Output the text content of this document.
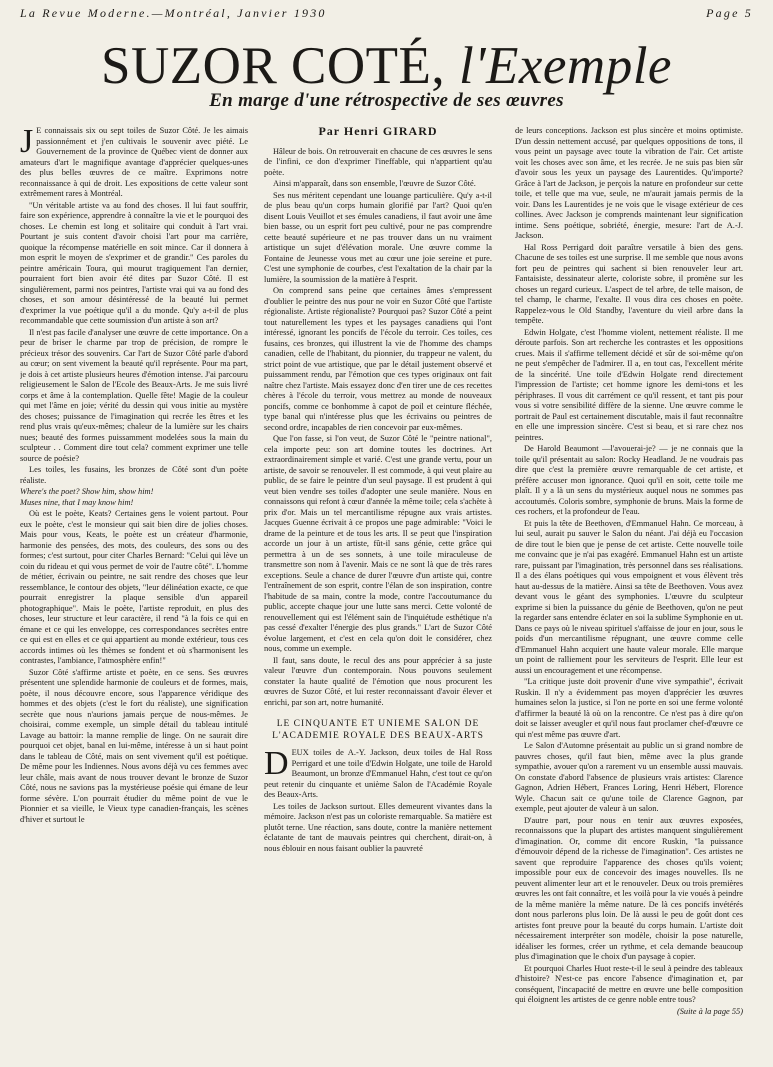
La Revue Moderne.—Montréal, Janvier 1930	Page 5
SUZOR COTÉ, l'Exemple
En marge d'une rétrospective de ses œuvres

J E connaissais six ou sept toiles de Suzor Côté. Je les aimais passionnément et j'en cultivais le souvenir avec piété. Le Gouvernement de la province de Québec vient de donner aux amateurs d'art le magnifique avantage d'apprécier quelques-unes des plus belles œuvres de ce maître. Exprimons notre reconnaissance à qui de droit. Les expositions de cette valeur sont extrêmement rares à Montréal.

"Un véritable artiste va au fond des choses. Il lui faut souffrir, faire son expérience, apprendre à connaître la vie et le pourquoi des choses. Le chemin est long et solitaire qui conduit à l'art vrai. Pourtant je suis content d'avoir choisi l'art pour ma carrière, quoique la récompense matérielle en soit mince. Car il donnera à mon esprit le moyen de s'exprimer et de grandir." Ces paroles du peintre américain Toura, qui mourut tragiquement l'an dernier, pourraient fort bien avoir été dites par Suzor Côté. Il est singulièrement, parmi nos peintres, l'artiste vrai qui va au fond des choses, et son amour désintéressé de la beauté lui permet d'exprimer la vue poétique qu'il a du monde. Qu'y a-t-il de plus recommandable que cette soumission d'un artiste à son art?

Il n'est pas facile d'analyser une œuvre de cette importance. On a peur de briser le charme par trop de précision, de rompre le précieux trésor des souvenirs. Car l'art de Suzor Côté parle d'abord au cœur; on sent vivement la beauté qu'il représente. Pour ma part, je dois à cet artiste plusieurs heures d'émotion intense. J'ai parcouru religieusement le Salon de l'Ecole des Beaux-Arts. Je me suis livré corps et âme à la contemplation. Quelle fête! Magie de la couleur qui met l'âme en joie; vérité du dessin qui vous initie au mystère des choses; puissance de l'imagination qui recrée les êtres et les rend plus vrais qu'eux-mêmes; chaleur de la lumière sur les chairs nues; beauté des formes puissamment modelées sous la main du sculpteur . . Comment dire tout cela? comment exprimer une telle source de poésie?

Les toiles, les fusains, les bronzes de Côté sont d'un poète réaliste.

Where's the poet? Show him, show him!
Muses nine, that I may know him!

Où est le poète, Keats? Certaines gens le voient partout. Pour eux le poète, c'est le monsieur qui sait bien dire de jolies choses. Mais pour vous, Keats, le poète est un créateur d'harmonie, harmonie des pensées, des mots, des couleurs, des sons ou des formes; c'est surtout, pour citer Charles Bernard: "Celui qui lève un coin du rideau et qui vous permet de voir de l'autre côté". L'homme de métier, écrivain ou peintre, ne sait rendre des choses que leur ressemblance, le contour des objets, "leur délinéation exacte, ce que pourrait enregistrer la plaque sensible d'un appareil photographique". Mais le poète, l'artiste reproduit, en plus des choses, leur structure et leur caractère, il rend "à la fois ce qui en émane et ce qui les enveloppe, ces correspondances secrètes entre ce qui est en elles et ce qui appartient au monde extérieur, tous ces accords intimes où les thèmes se fondent et où s'harmonisent les contrastes, l'ambiance, l'atmosphère enfin!"

Suzor Côté s'affirme artiste et poète, en ce sens. Ses œuvres présentent une splendide harmonie de couleurs et de formes, mais, poète, il nous découvre encore, sous l'apparence véridique des hommes et des objets (c'est le fort du réaliste), une signification secrète que nous n'aurions jamais perçue de nous-mêmes. Je choisirai, comme exemple, un simple détail du tableau intitulé Lavage au battoir: la manne remplie de linge. On ne saurait dire pourquoi cet objet, banal en lui-même, intéresse à un si haut point dans le tableau de Côté, mais on sent vivement qu'il est poétique. De même pour les Indiennes. Nous avons déjà vu ces femmes avec leur châle, mais avant de nous trouver devant le bronze de Suzor Côté, nous ne savions pas la mystérieuse poésie qui émane de leur forme sévère. L'on pourrait étudier du même point de vue le Pionnier et sa vieille, le Vieux type canadien-français, les scènes d'hiver et surtout le

Par Henri GIRARD

Hâleur de bois. On retrouverait en chacune de ces œuvres le sens de l'infini, ce don d'exprimer l'ineffable, qui n'appartient qu'au poète.

Ainsi m'apparaît, dans son ensemble, l'œuvre de Suzor Côté.

Ses nus méritent cependant une louange particulière. Qu'y a-t-il de plus beau qu'un corps humain glorifié par l'art? Quoi qu'en disent Louis Veuillot et ses émules canadiens, il faut avoir une âme bien basse, ou un esprit fort peu cultivé, pour ne pas comprendre cette beauté supérieure et ne pas trouver dans un nu vraiment artistique un sujet d'élévation morale. Une œuvre comme la Fontaine de Jeunesse vous met au cœur une joie sereine et pure. C'est une symphonie de courbes, c'est l'exaltation de la chair par la lumière, la soumission de la matière à l'esprit.

On comprend sans peine que certaines âmes s'empressent d'oublier le peintre des nus pour ne voir en Suzor Côté que l'artiste régionaliste. Artiste régionaliste? Pourquoi pas? Suzor Côté a peint tout naturellement les types et les paysages canadiens qui l'ont intéressé, ignorant les poncifs de l'école du terroir. Ces toiles, ces fusains, ces bronzes, qui illustrent la vie de l'homme des champs canadien, celle de l'habitant, du pionnier, du trappeur ne valent, du strict point de vue artistique, que par le détail justement observé et puissamment rendu, par l'émotion que ces types originaux ont fait naître chez l'artiste. Mais essayez donc d'en tirer une de ces recettes chères à l'école du terroir, vous mettrez au monde de nouveaux poncifs, comme ce bonhomme à capot de poil et ceinture fléchée, type banal qui n'intéresse plus que les écrivains ou peintres de second ordre, incapables de rien concevoir par eux-mêmes.

Que l'on fasse, si l'on veut, de Suzor Côté le "peintre national", cela importe peu: son art domine toutes les doctrines. Art extraordinairement simple et varié. C'est une grande vertu, pour un artiste, de savoir se renouveler. Il est commode, à qui veut plaire au public, de se faire le peintre d'un seul paysage. Il est prudent à qui veut bien vendre ses toiles d'adopter une seule manière. Nous en connaissons qui refont à cœur d'année la même toile; cela s'achète à prix d'or. Mais un tel mercantilisme répugne aux vrais artistes. Jacques Guenne écrivait à ce propos une page admirable: "Voici le drame de la peinture et de tous les arts. Il se peut que l'inspiration accorde un jour à un artiste, fût-il sans génie, cette grâce qui permettra à un de ses sonnets, à une toile miraculeuse de transmettre son nom à l'avenir. Mais ce ne sont là que de très rares exceptions. Seule a chance de durer l'œuvre d'un artiste qui, contre l'entraînement de son esprit, contre l'élan de son inspiration, contre l'habitude de sa main, contre la mode, contre l'accoutumance du public, accepte chaque jour une lutte sans merci. Cette volonté de renouvellement qui est l'élément sain de l'inquiétude esthétique n'a pas cessé d'exalter l'énergie des plus grands." L'art de Suzor Côté évolue largement, et c'est en cela qu'on doit le considérer, chez nous, comme un exemple.

Il faut, sans doute, le recul des ans pour apprécier à sa juste valeur l'œuvre d'un contemporain. Nous pouvons seulement constater la haute qualité de l'émotion que nous procurent les œuvres de Suzor Côté, et lui rester reconnaissant d'avoir élever et enrichi, par son art, notre humanité.

LE CINQUANTE ET UNIEME SALON DE
L'ACADEMIE ROYALE DES BEAUX-ARTS

DEUX toiles de A.-Y. Jackson, deux toiles de Hal Ross Perrigard et une toile d'Edwin Holgate, une toile de Harold Beaumont, un bronze d'Emmanuel Hahn, c'est tout ce qu'on peut retenir du cinquante et unième Salon de l'Académie Royale des Beaux-Arts.

Les toiles de Jackson surtout. Elles demeurent vivantes dans la mémoire. Jackson n'est pas un coloriste remarquable. Sa matière est plutôt terne. Une réaction, sans doute, contre la manière nettement éclatante de tant de mauvais peintres qui cherchent, dirait-on, à nous éblouir en nous faisant oublier la pauvreté

de leurs conceptions. Jackson est plus sincère et moins optimiste. D'un dessin nettement accusé, par quelques oppositions de tons, il vous peint un paysage avec toute la vibration de l'air. Cet artiste voit les choses avec son âme, et les recrée. Je ne suis pas bien sûr d'avoir sous les yeux un paysage des Laurentides. Qu'importe? Grâce à l'art de Jackson, je perçois la nature en profondeur sur cette toile, et telle que ma vue, seule, ne m'aurait jamais permis de la voir. Dans les Laurentides je ne vois que le visage extérieur de ces collines. Avec Jackson je comprends maintenant leur signification intime. Sens poétique, sobriété, énergie, mesure: l'art de A.-J. Jackson.

Hal Ross Perrigard doit paraître versatile à bien des gens. Chacune de ses toiles est une surprise. Il me semble que nous avons fort peu de peintres qui sachent si bien renouveler leur art. Fantaisiste, dessinateur alerte, coloriste sobre, il promène sur les choses un regard curieux. L'aspect de tel arbre, de telle maison, de tel champ, le charme, l'exalte. Il vous dira ces choses en poète. Rappelez-vous le Old Standby, l'aventure du vieil arbre dans la tempête.

Edwin Holgate, c'est l'homme violent, nettement réaliste. Il me déroute parfois. Son art recherche les contrastes et les oppositions crues. Mais il s'affirme tellement décidé et sûr de soi-même qu'on ne peut s'empêcher de l'admirer. Il a, en tout cas, l'excellent mérite de la sincérité. Une toile d'Edwin Holgate rend directement l'impression de l'artiste; cet homme ignore les demi-tons et les périphrases. Il vous dit carrément ce qu'il ressent, et tant pis pour vous si votre sensibilité diffère de la sienne. Une œuvre comme le portrait de Paul est certainement discutable, mais il faut reconnaître en elle une impression sincère. C'est si beau, et si rare chez nos peintres.

De Harold Beaumont —l'avouerai-je? — je ne connais que la toile qu'il présentait au salon: Rocky Headland. Je ne voudrais pas dire que c'est la première œuvre remarquable de cet artiste, et préfère accuser mon ignorance. Quoi qu'il en soit, cette toile me plaît. Il y a là un sens du mystérieux auquel nous ne sommes pas accoutumés. Coloris sombre, symphonie de bruns. Mais la forme de ces rochers, et la profondeur de l'eau.

Et puis la tête de Beethoven, d'Emmanuel Hahn. Ce morceau, à lui seul, aurait pu sauver le Salon du néant. J'ai déjà eu l'occasion de dire tout le bien que je pense de cet artiste. Cette nouvelle toile me convainc que je n'ai pas exagéré. Emmanuel Hahn est un artiste rare, puissant par l'imagination, très personnel dans ses réalisations. Il a des élans poétiques qui vous empoignent et vous élèvent très haut au-dessus de la matière. Ainsi sa tête de Beethoven. Vous avez devant vous le géant des symphonies. L'œuvre du sculpteur exprime si bien la puissance du génie de Beethoven, qu'on ne peut la regarder sans entendre éclater en soi la sublime Symphonie en ut. Dans ce pays où le niveau spirituel s'affaisse de jour en jour, sous le poids d'un mercantilisme répugnant, une œuvre comme celle d'Emmanuel Hahn acquiert une haute valeur morale. Elle marque un point de ralliement pour les serviteurs de l'esprit. Elle leur est aussi un encouragement et une récompense.

"La critique juste doit provenir d'une vive sympathie", écrivait Ruskin. Il n'y a évidemment pas moyen d'apprécier les œuvres humaines selon la justice, si l'on ne porte en soi une ferme volonté d'affirmer la beauté là où on la rencontre. Ce n'est pas à dire qu'on doit se laisser aveugler et qu'il nous faut proclamer chef-d'œuvre ce qui n'est même pas œuvre d'art.

Le Salon d'Automne présentait au public un si grand nombre de pauvres choses, qu'il faut bien, même avec la plus grande sympathie, avouer qu'on a rarement vu un ensemble aussi mauvais. On constate d'abord l'absence de plusieurs vrais artistes: Clarence Gagnon, Adrien Hébert, Frances Loring, Henri Hébert, Florence Wyle. Chacun sait ce qu'une toile de Clarence Gagnon, par exemple, peut ajouter de valeur à un salon.

D'autre part, pour nous en tenir aux œuvres exposées, reconnaissons que la plupart des artistes manquent singulièrement d'imagination. Or, comme dit encore Ruskin, "la puissance d'émouvoir dépend de la richesse de l'imagination". Ces artistes ne savent que reproduire l'apparence des choses qu'ils voient; impossible pour eux de concevoir des images nouvelles. Ils ne peuvent alimenter leur art et le renouveler. Deux ou trois premières œuvres les ont fait connaître, et les voilà pour la vie voués à peindre de la même manière la même nature. De là ces poncifs invétérés dont nous parlerons plus loin. De là aussi le peu de goût dont ces artistes font preuve pour la beauté du corps humain. L'artiste doit nécessairement interpréter son modèle, choisir la pose naturelle, idéaliser les formes, créer un rythme, et cela demande beaucoup plus d'imagination que le choix d'un paysage à copier.

Et pourquoi Charles Huot reste-t-il le seul à peindre des tableaux d'histoire? N'est-ce pas encore l'absence d'imagination et, par conséquent, l'incapacité de mettre en œuvre une belle composition qui éloignent les artistes de ce genre noble entre tous?

(Suite à la page 55)
